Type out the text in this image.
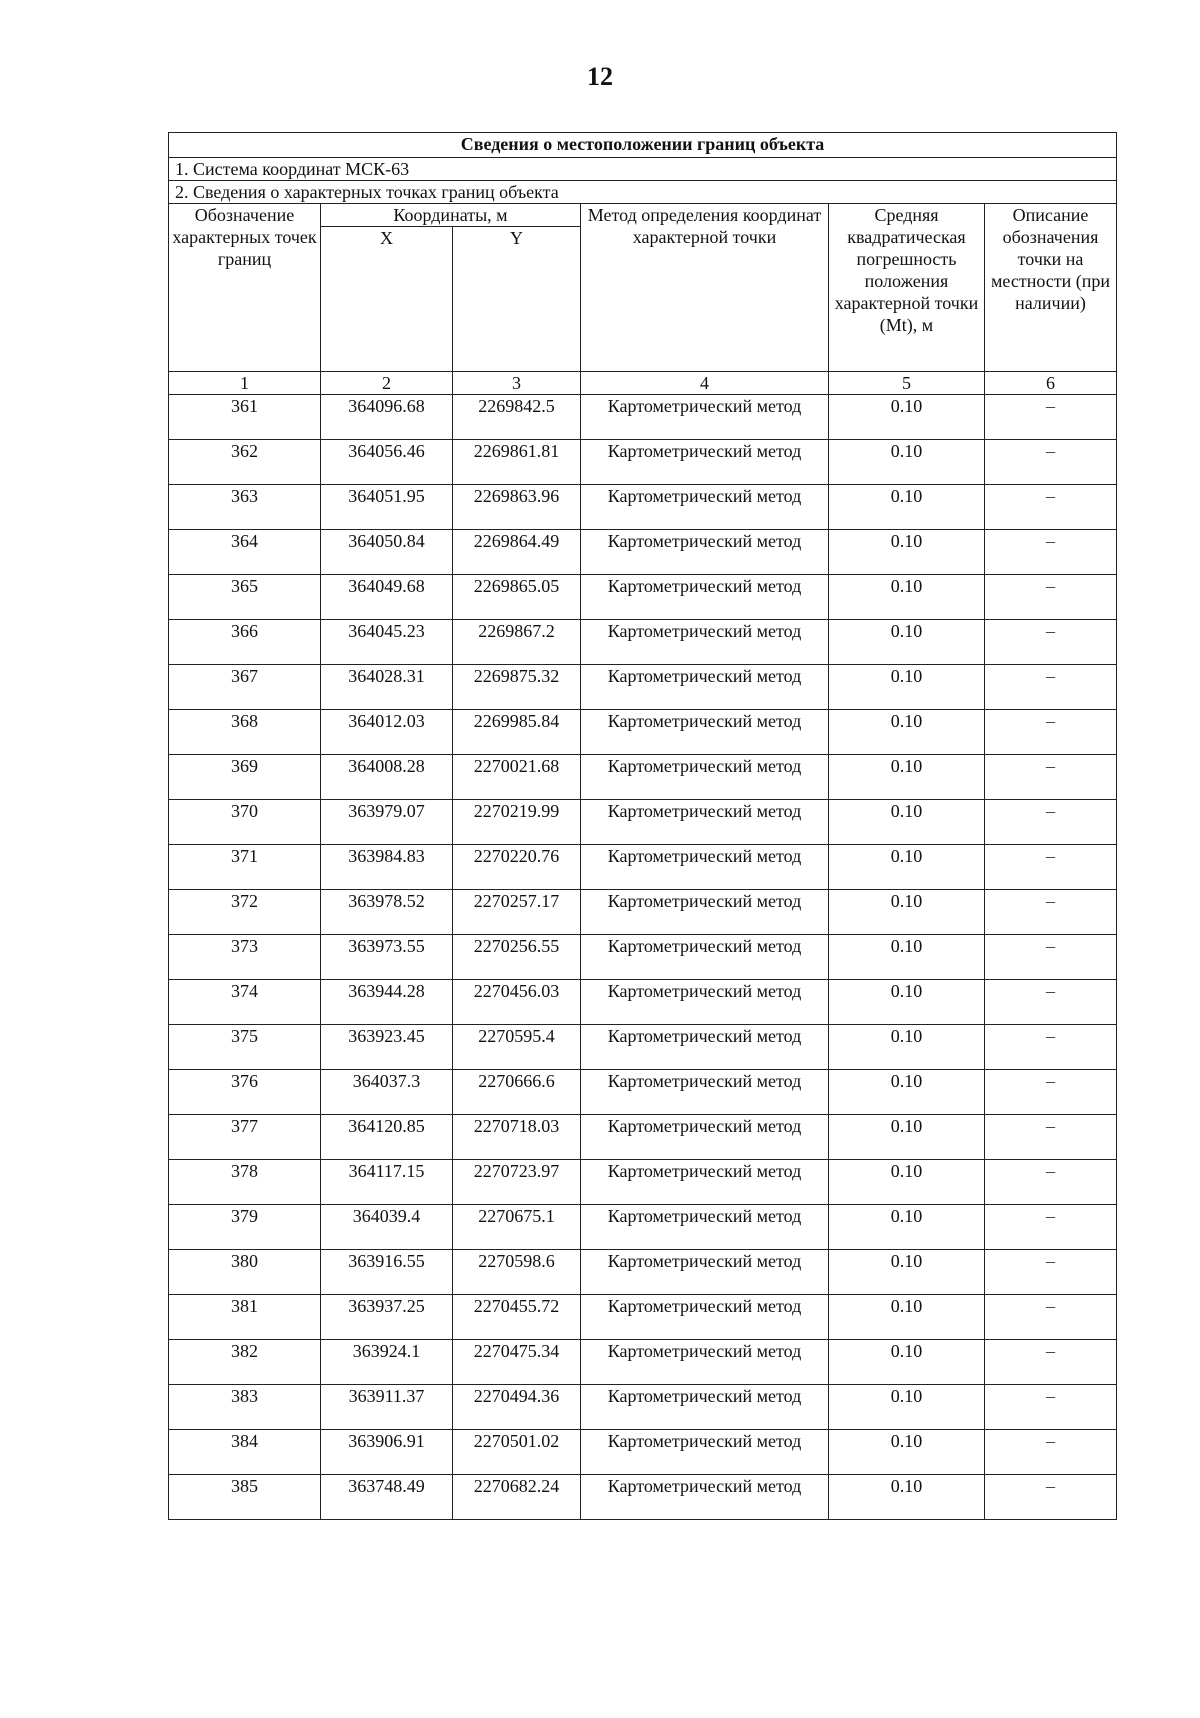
12
Сведения о местоположении границ объекта					
1. Система координат МСК-63					
2. Сведения о характерных точках границ объекта					
Обозначение характерных точек границ	Координаты, м		Метод определения координат характерной точки	Средняя квадратическая погрешность положения характерной точки (Mt), м	Описание обозначения точки на местности (при наличии)
	X	Y			
1	2	3	4	5	6
361	364096.68	2269842.5	Картометрический метод	0.10	–
362	364056.46	2269861.81	Картометрический метод	0.10	–
363	364051.95	2269863.96	Картометрический метод	0.10	–
364	364050.84	2269864.49	Картометрический метод	0.10	–
365	364049.68	2269865.05	Картометрический метод	0.10	–
366	364045.23	2269867.2	Картометрический метод	0.10	–
367	364028.31	2269875.32	Картометрический метод	0.10	–
368	364012.03	2269985.84	Картометрический метод	0.10	–
369	364008.28	2270021.68	Картометрический метод	0.10	–
370	363979.07	2270219.99	Картометрический метод	0.10	–
371	363984.83	2270220.76	Картометрический метод	0.10	–
372	363978.52	2270257.17	Картометрический метод	0.10	–
373	363973.55	2270256.55	Картометрический метод	0.10	–
374	363944.28	2270456.03	Картометрический метод	0.10	–
375	363923.45	2270595.4	Картометрический метод	0.10	–
376	364037.3	2270666.6	Картометрический метод	0.10	–
377	364120.85	2270718.03	Картометрический метод	0.10	–
378	364117.15	2270723.97	Картометрический метод	0.10	–
379	364039.4	2270675.1	Картометрический метод	0.10	–
380	363916.55	2270598.6	Картометрический метод	0.10	–
381	363937.25	2270455.72	Картометрический метод	0.10	–
382	363924.1	2270475.34	Картометрический метод	0.10	–
383	363911.37	2270494.36	Картометрический метод	0.10	–
384	363906.91	2270501.02	Картометрический метод	0.10	–
385	363748.49	2270682.24	Картометрический метод	0.10	–
